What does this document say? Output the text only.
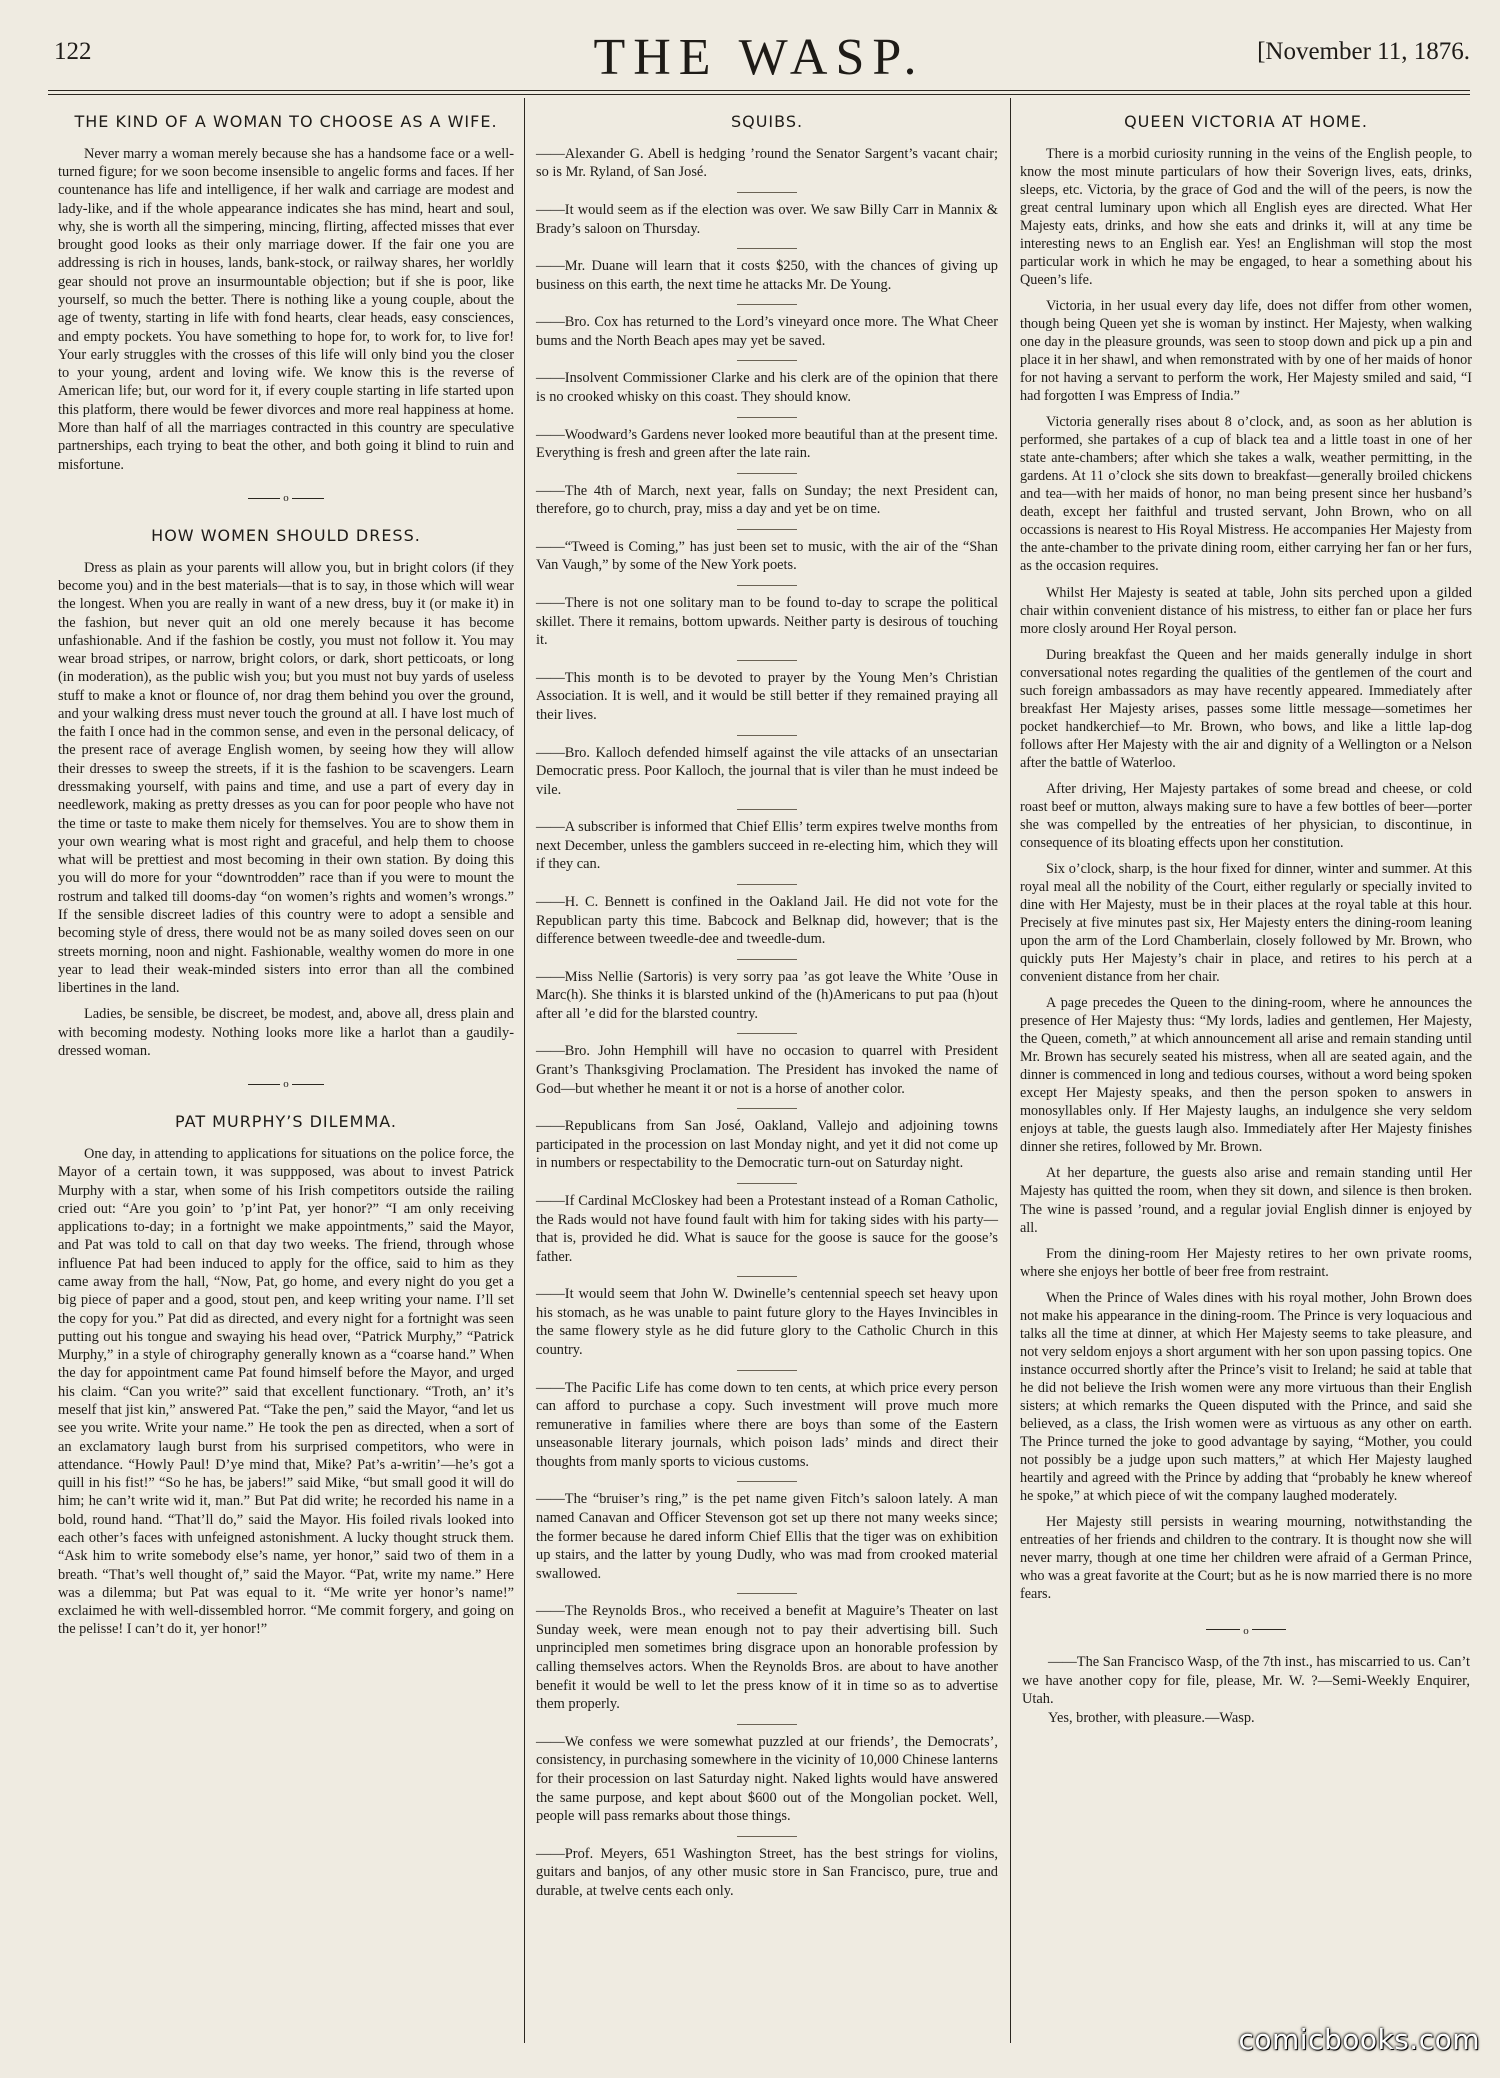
122	THE WASP.	[November 11, 1876.
THE KIND OF A WOMAN TO CHOOSE AS A WIFE.

Never marry a woman merely because she has a handsome face or a well-turned figure; for we soon become insensible to angelic forms and faces. If her countenance has life and intelligence, if her walk and carriage are modest and lady-like, and if the whole appearance indicates she has mind, heart and soul, why, she is worth all the simpering, mincing, flirting, affected misses that ever brought good looks as their only marriage dower. If the fair one you are addressing is rich in houses, lands, bank-stock, or railway shares, her worldly gear should not prove an insurmountable objection; but if she is poor, like yourself, so much the better. There is nothing like a young couple, about the age of twenty, starting in life with fond hearts, clear heads, easy consciences, and empty pockets. You have something to hope for, to work for, to live for! Your early struggles with the crosses of this life will only bind you the closer to your young, ardent and loving wife. We know this is the reverse of American life; but, our word for it, if every couple starting in life started upon this platform, there would be fewer divorces and more real happiness at home. More than half of all the marriages contracted in this country are speculative partnerships, each trying to beat the other, and both going it blind to ruin and misfortune.

o
HOW WOMEN SHOULD DRESS.

Dress as plain as your parents will allow you, but in bright colors (if they become you) and in the best materials—that is to say, in those which will wear the longest. When you are really in want of a new dress, buy it (or make it) in the fashion, but never quit an old one merely because it has become unfashionable. And if the fashion be costly, you must not follow it. You may wear broad stripes, or narrow, bright colors, or dark, short petticoats, or long (in moderation), as the public wish you; but you must not buy yards of useless stuff to make a knot or flounce of, nor drag them behind you over the ground, and your walking dress must never touch the ground at all. I have lost much of the faith I once had in the common sense, and even in the personal delicacy, of the present race of average English women, by seeing how they will allow their dresses to sweep the streets, if it is the fashion to be scavengers. Learn dressmaking yourself, with pains and time, and use a part of every day in needlework, making as pretty dresses as you can for poor people who have not the time or taste to make them nicely for themselves. You are to show them in your own wearing what is most right and graceful, and help them to choose what will be prettiest and most becoming in their own station. By doing this you will do more for your “downtrodden” race than if you were to mount the rostrum and talked till dooms-day “on women’s rights and women’s wrongs.” If the sensible discreet ladies of this country were to adopt a sensible and becoming style of dress, there would not be as many soiled doves seen on our streets morning, noon and night. Fashionable, wealthy women do more in one year to lead their weak-minded sisters into error than all the combined libertines in the land.

Ladies, be sensible, be discreet, be modest, and, above all, dress plain and with becoming modesty. Nothing looks more like a harlot than a gaudily-dressed woman.

o
PAT MURPHY’S DILEMMA.

One day, in attending to applications for situations on the police force, the Mayor of a certain town, it was suppposed, was about to invest Patrick Murphy with a star, when some of his Irish competitors outside the railing cried out: “Are you goin’ to ’p’int Pat, yer honor?” “I am only receiving applications to-day; in a fortnight we make appointments,” said the Mayor, and Pat was told to call on that day two weeks. The friend, through whose influence Pat had been induced to apply for the office, said to him as they came away from the hall, “Now, Pat, go home, and every night do you get a big piece of paper and a good, stout pen, and keep writing your name. I’ll set the copy for you.” Pat did as directed, and every night for a fortnight was seen putting out his tongue and swaying his head over, “Patrick Murphy,” “Patrick Murphy,” in a style of chirography generally known as a “coarse hand.” When the day for appointment came Pat found himself before the Mayor, and urged his claim. “Can you write?” said that excellent functionary. “Troth, an’ it’s meself that jist kin,” answered Pat. “Take the pen,” said the Mayor, “and let us see you write. Write your name.” He took the pen as directed, when a sort of an exclamatory laugh burst from his surprised competitors, who were in attendance. “Howly Paul! D’ye mind that, Mike? Pat’s a-writin’—he’s got a quill in his fist!” “So he has, be jabers!” said Mike, “but small good it will do him; he can’t write wid it, man.” But Pat did write; he recorded his name in a bold, round hand. “That’ll do,” said the Mayor. His foiled rivals looked into each other’s faces with unfeigned astonishment. A lucky thought struck them. “Ask him to write somebody else’s name, yer honor,” said two of them in a breath. “That’s well thought of,” said the Mayor. “Pat, write my name.” Here was a dilemma; but Pat was equal to it. “Me write yer honor’s name!” exclaimed he with well-dissembled horror. “Me commit forgery, and going on the pelisse! I can’t do it, yer honor!”

SQUIBS.

——Alexander G. Abell is hedging ’round the Senator Sargent’s vacant chair; so is Mr. Ryland, of San José.

——It would seem as if the election was over. We saw Billy Carr in Mannix & Brady’s saloon on Thursday.

——Mr. Duane will learn that it costs $250, with the chances of giving up business on this earth, the next time he attacks Mr. De Young.

——Bro. Cox has returned to the Lord’s vineyard once more. The What Cheer bums and the North Beach apes may yet be saved.

——Insolvent Commissioner Clarke and his clerk are of the opinion that there is no crooked whisky on this coast. They should know.

——Woodward’s Gardens never looked more beautiful than at the present time. Everything is fresh and green after the late rain.

——The 4th of March, next year, falls on Sunday; the next President can, therefore, go to church, pray, miss a day and yet be on time.

——“Tweed is Coming,” has just been set to music, with the air of the “Shan Van Vaugh,” by some of the New York poets.

——There is not one solitary man to be found to-day to scrape the political skillet. There it remains, bottom upwards. Neither party is desirous of touching it.

——This month is to be devoted to prayer by the Young Men’s Christian Association. It is well, and it would be still better if they remained praying all their lives.

——Bro. Kalloch defended himself against the vile attacks of an unsectarian Democratic press. Poor Kalloch, the journal that is viler than he must indeed be vile.

——A subscriber is informed that Chief Ellis’ term expires twelve months from next December, unless the gamblers succeed in re-electing him, which they will if they can.

——H. C. Bennett is confined in the Oakland Jail. He did not vote for the Republican party this time. Babcock and Belknap did, however; that is the difference between tweedle-dee and tweedle-dum.

——Miss Nellie (Sartoris) is very sorry paa ’as got leave the White ’Ouse in Marc(h). She thinks it is blarsted unkind of the (h)Americans to put paa (h)out after all ’e did for the blarsted country.

——Bro. John Hemphill will have no occasion to quarrel with President Grant’s Thanksgiving Proclamation. The President has invoked the name of God—but whether he meant it or not is a horse of another color.

——Republicans from San José, Oakland, Vallejo and adjoining towns participated in the procession on last Monday night, and yet it did not come up in numbers or respectability to the Democratic turn-out on Saturday night.

——If Cardinal McCloskey had been a Protestant instead of a Roman Catholic, the Rads would not have found fault with him for taking sides with his party—that is, provided he did. What is sauce for the goose is sauce for the goose’s father.

——It would seem that John W. Dwinelle’s centennial speech set heavy upon his stomach, as he was unable to paint future glory to the Hayes Invincibles in the same flowery style as he did future glory to the Catholic Church in this country.

——The Pacific Life has come down to ten cents, at which price every person can afford to purchase a copy. Such investment will prove much more remunerative in families where there are boys than some of the Eastern unseasonable literary journals, which poison lads’ minds and direct their thoughts from manly sports to vicious customs.

——The “bruiser’s ring,” is the pet name given Fitch’s saloon lately. A man named Canavan and Officer Stevenson got set up there not many weeks since; the former because he dared inform Chief Ellis that the tiger was on exhibition up stairs, and the latter by young Dudly, who was mad from crooked material swallowed.

——The Reynolds Bros., who received a benefit at Maguire’s Theater on last Sunday week, were mean enough not to pay their advertising bill. Such unprincipled men sometimes bring disgrace upon an honorable profession by calling themselves actors. When the Reynolds Bros. are about to have another benefit it would be well to let the press know of it in time so as to advertise them properly.

——We confess we were somewhat puzzled at our friends’, the Democrats’, consistency, in purchasing somewhere in the vicinity of 10,000 Chinese lanterns for their procession on last Saturday night. Naked lights would have answered the same purpose, and kept about $600 out of the Mongolian pocket. Well, people will pass remarks about those things.

——Prof. Meyers, 651 Washington Street, has the best strings for violins, guitars and banjos, of any other music store in San Francisco, pure, true and durable, at twelve cents each only.

QUEEN VICTORIA AT HOME.

There is a morbid curiosity running in the veins of the English people, to know the most minute particulars of how their Soverign lives, eats, drinks, sleeps, etc. Victoria, by the grace of God and the will of the peers, is now the great central luminary upon which all English eyes are directed. What Her Majesty eats, drinks, and how she eats and drinks it, will at any time be interesting news to an English ear. Yes! an Englishman will stop the most particular work in which he may be engaged, to hear a something about his Queen’s life.

Victoria, in her usual every day life, does not differ from other women, though being Queen yet she is woman by instinct. Her Majesty, when walking one day in the pleasure grounds, was seen to stoop down and pick up a pin and place it in her shawl, and when remonstrated with by one of her maids of honor for not having a servant to perform the work, Her Majesty smiled and said, “I had forgotten I was Empress of India.”

Victoria generally rises about 8 o’clock, and, as soon as her ablution is performed, she partakes of a cup of black tea and a little toast in one of her state ante-chambers; after which she takes a walk, weather permitting, in the gardens. At 11 o’clock she sits down to breakfast—generally broiled chickens and tea—with her maids of honor, no man being present since her husband’s death, except her faithful and trusted servant, John Brown, who on all occassions is nearest to His Royal Mistress. He accompanies Her Majesty from the ante-chamber to the private dining room, either carrying her fan or her furs, as the occasion requires.

Whilst Her Majesty is seated at table, John sits perched upon a gilded chair within convenient distance of his mistress, to either fan or place her furs more closly around Her Royal person.

During breakfast the Queen and her maids generally indulge in short conversational notes regarding the qualities of the gentlemen of the court and such foreign ambassadors as may have recently appeared. Immediately after breakfast Her Majesty arises, passes some little message—sometimes her pocket handkerchief—to Mr. Brown, who bows, and like a little lap-dog follows after Her Majesty with the air and dignity of a Wellington or a Nelson after the battle of Waterloo.

After driving, Her Majesty partakes of some bread and cheese, or cold roast beef or mutton, always making sure to have a few bottles of beer—porter she was compelled by the entreaties of her physician, to discontinue, in consequence of its bloating effects upon her constitution.

Six o’clock, sharp, is the hour fixed for dinner, winter and summer. At this royal meal all the nobility of the Court, either regularly or specially invited to dine with Her Majesty, must be in their places at the royal table at this hour. Precisely at five minutes past six, Her Majesty enters the dining-room leaning upon the arm of the Lord Chamberlain, closely followed by Mr. Brown, who quickly puts Her Majesty’s chair in place, and retires to his perch at a convenient distance from her chair.

A page precedes the Queen to the dining-room, where he announces the presence of Her Majesty thus: “My lords, ladies and gentlemen, Her Majesty, the Queen, cometh,” at which announcement all arise and remain standing until Mr. Brown has securely seated his mistress, when all are seated again, and the dinner is commenced in long and tedious courses, without a word being spoken except Her Majesty speaks, and then the person spoken to answers in monosyllables only. If Her Majesty laughs, an indulgence she very seldom enjoys at table, the guests laugh also. Immediately after Her Majesty finishes dinner she retires, followed by Mr. Brown.

At her departure, the guests also arise and remain standing until Her Majesty has quitted the room, when they sit down, and silence is then broken. The wine is passed ’round, and a regular jovial English dinner is enjoyed by all.

From the dining-room Her Majesty retires to her own private rooms, where she enjoys her bottle of beer free from restraint.

When the Prince of Wales dines with his royal mother, John Brown does not make his appearance in the dining-room. The Prince is very loquacious and talks all the time at dinner, at which Her Majesty seems to take pleasure, and not very seldom enjoys a short argument with her son upon passing topics. One instance occurred shortly after the Prince’s visit to Ireland; he said at table that he did not believe the Irish women were any more virtuous than their English sisters; at which remarks the Queen disputed with the Prince, and said she believed, as a class, the Irish women were as virtuous as any other on earth. The Prince turned the joke to good advantage by saying, “Mother, you could not possibly be a judge upon such matters,” at which Her Majesty laughed heartily and agreed with the Prince by adding that “probably he knew whereof he spoke,” at which piece of wit the company laughed moderately.

Her Majesty still persists in wearing mourning, notwithstanding the entreaties of her friends and children to the contrary. It is thought now she will never marry, though at one time her children were afraid of a German Prince, who was a great favorite at the Court; but as he is now married there is no more fears.

o

——The San Francisco Wasp, of the 7th inst., has miscarried to us. Can’t we have another copy for file, please, Mr. W. ?—Semi-Weekly Enquirer, Utah.

Yes, brother, with pleasure.—Wasp.

comicbooks.com
